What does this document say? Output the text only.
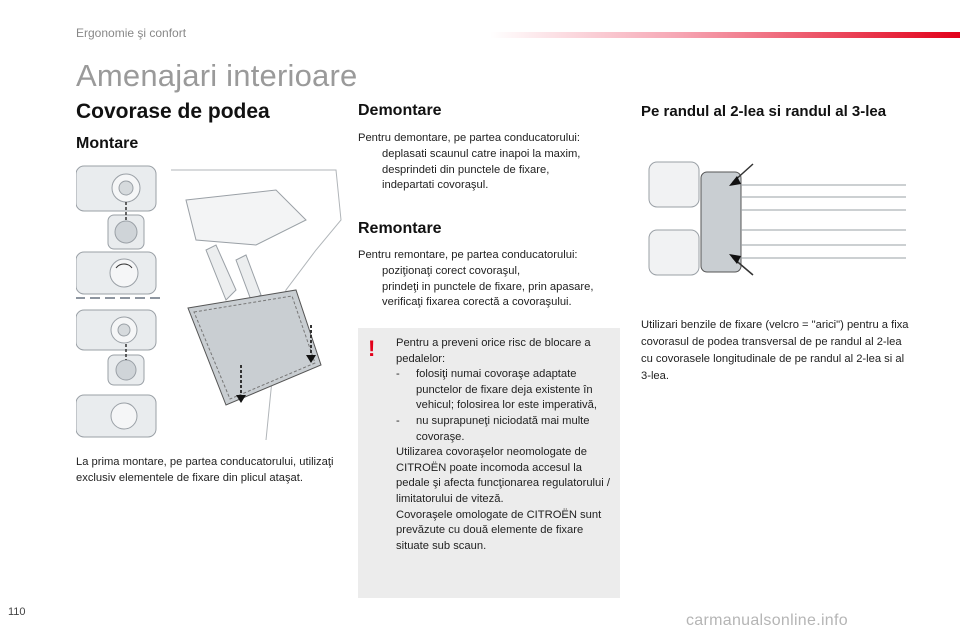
Ergonomie şi confort
Amenajari interioare
Covorase de podea
Montare

La prima montare, pe partea conducatorului, utilizaţi exclusiv elementele de fixare din plicul ataşat.

Demontare
Pentru demontare, pe partea conducatorului:
deplasati scaunul catre inapoi la maxim,
desprindeti din punctele de fixare,
indepartati covoraşul.
Remontare
Pentru remontare, pe partea conducatorului:
poziţionaţi corect covoraşul,
prindeţi in punctele de fixare, prin apasare,
verificaţi fixarea corectă a covoraşului.
! Pentru a preveni orice risc de blocare a pedalelor:
-	folosiţi numai covoraşe adaptate punctelor de fixare deja existente în vehicul; folosirea lor este imperativă,
-	nu suprapuneţi niciodată mai multe covoraşe.
Utilizarea covoraşelor neomologate de CITROËN poate incomoda accesul la pedale şi afecta funcţionarea regulatorului / limitatorului de viteză.
Covoraşele omologate de CITROËN sunt prevăzute cu două elemente de fixare situate sub scaun.
Pe randul al 2-lea si randul al 3-lea

Utilizari benzile de fixare (velcro = "arici") pentru a fixa covorasul de podea transversal de pe randul al 2-lea cu covorasele longitudinale de pe randul al 2-lea si al 3-lea.

110	carmanualsonline.info
